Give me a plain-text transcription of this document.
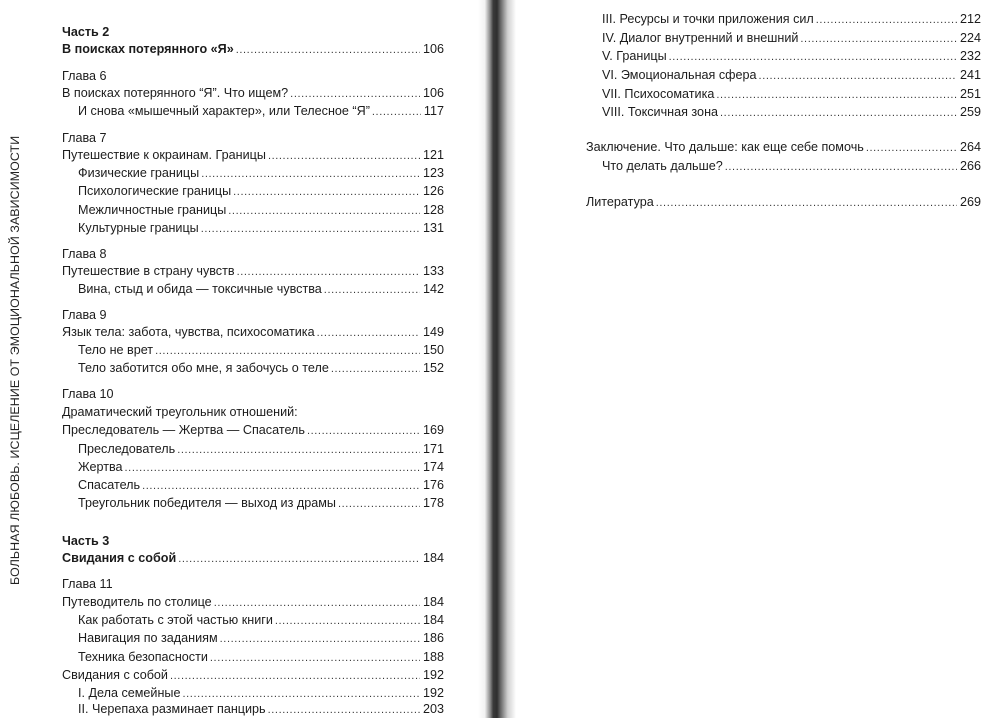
БОЛЬНАЯ ЛЮБОВЬ. ИСЦЕЛЕНИЕ ОТ ЭМОЦИОНАЛЬНОЙ ЗАВИСИМОСТИ
Часть 2
В поисках потерянного «Я» .....	106
Глава 6
В поисках потерянного “Я”. Что ищем? .....	106
И снова «мышечный характер», или Телесное “Я” .....	117
Глава 7
Путешествие к окраинам. Границы .....	121
Физические границы .....	123
Психологические границы .....	126
Межличностные границы .....	128
Культурные границы .....	131
Глава 8
Путешествие в страну чувств .....	133
Вина, стыд и обида — токсичные чувства .....	142
Глава 9
Язык тела: забота, чувства, психосоматика .....	149
Тело не врет .....	150
Тело заботится обо мне, я забочусь о теле .....	152
Глава 10
Драматический треугольник отношений:
Преследователь — Жертва — Спасатель .....	169
Преследователь .....	171
Жертва .....	174
Спасатель .....	176
Треугольник победителя — выход из драмы .....	178
Часть 3
Свидания с собой .....	184
Глава 11
Путеводитель по столице .....	184
Как работать с этой частью книги .....	184
Навигация по заданиям .....	186
Техника безопасности .....	188
Свидания с собой .....	192
I. Дела семейные .....	192
II. Черепаха разминает панцирь .....	203
III. Ресурсы и точки приложения сил .....	212
IV. Диалог внутренний и внешний .....	224
V. Границы .....	232
VI. Эмоциональная сфера .....	241
VII. Психосоматика .....	251
VIII. Токсичная зона .....	259
Заключение. Что дальше: как еще себе помочь .....	264
Что делать дальше? .....	266
Литература .....	269
